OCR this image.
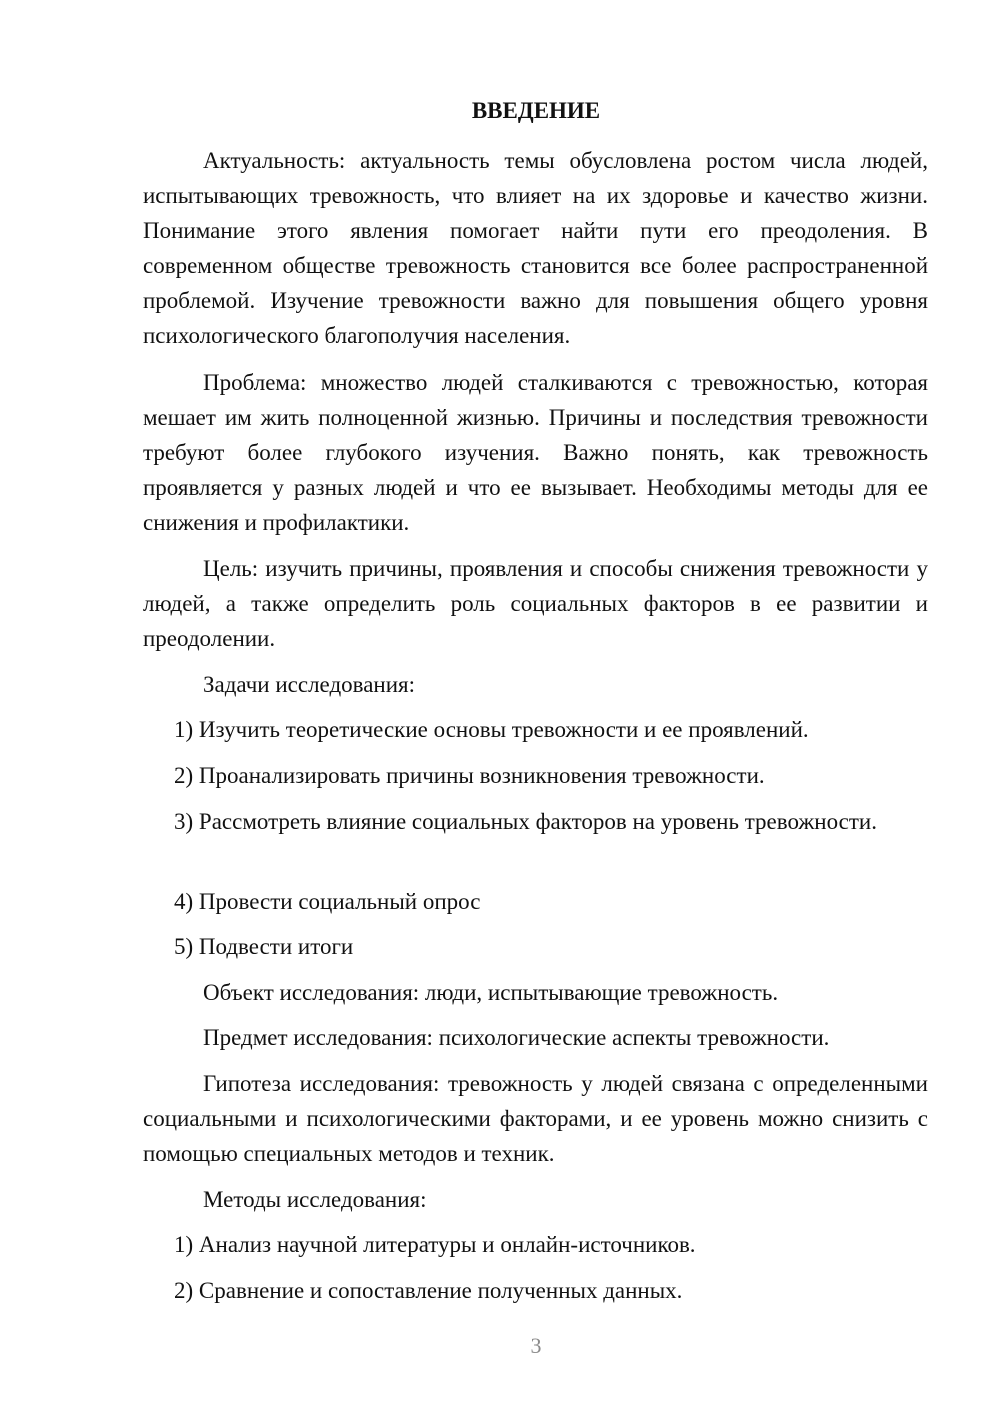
ВВЕДЕНИЕ

Актуальность: актуальность темы обусловлена ростом числа людей, испытывающих тревожность, что влияет на их здоровье и качество жизни. Понимание этого явления помогает найти пути его преодоления. В современном обществе тревожность становится все более распространенной проблемой. Изучение тревожности важно для повышения общего уровня психологического благополучия населения.

Проблема: множество людей сталкиваются с тревожностью, которая мешает им жить полноценной жизнью. Причины и последствия тревожности требуют более глубокого изучения. Важно понять, как тревожность проявляется у разных людей и что ее вызывает. Необходимы методы для ее снижения и профилактики.

Цель: изучить причины, проявления и способы снижения тревожности у людей, а также определить роль социальных факторов в ее развитии и преодолении.

Задачи исследования:

1) Изучить теоретические основы тревожности и ее проявлений.

2) Проанализировать причины возникновения тревожности.

3) Рассмотреть влияние социальных факторов на уровень тревожности.

4) Провести социальный опрос

5) Подвести итоги

Объект исследования: люди, испытывающие тревожность.

Предмет исследования: психологические аспекты тревожности.

Гипотеза исследования: тревожность у людей связана с определенными социальными и психологическими факторами, и ее уровень можно снизить с помощью специальных методов и техник.

Методы исследования:

1) Анализ научной литературы и онлайн-источников.

2) Сравнение и сопоставление полученных данных.

3
